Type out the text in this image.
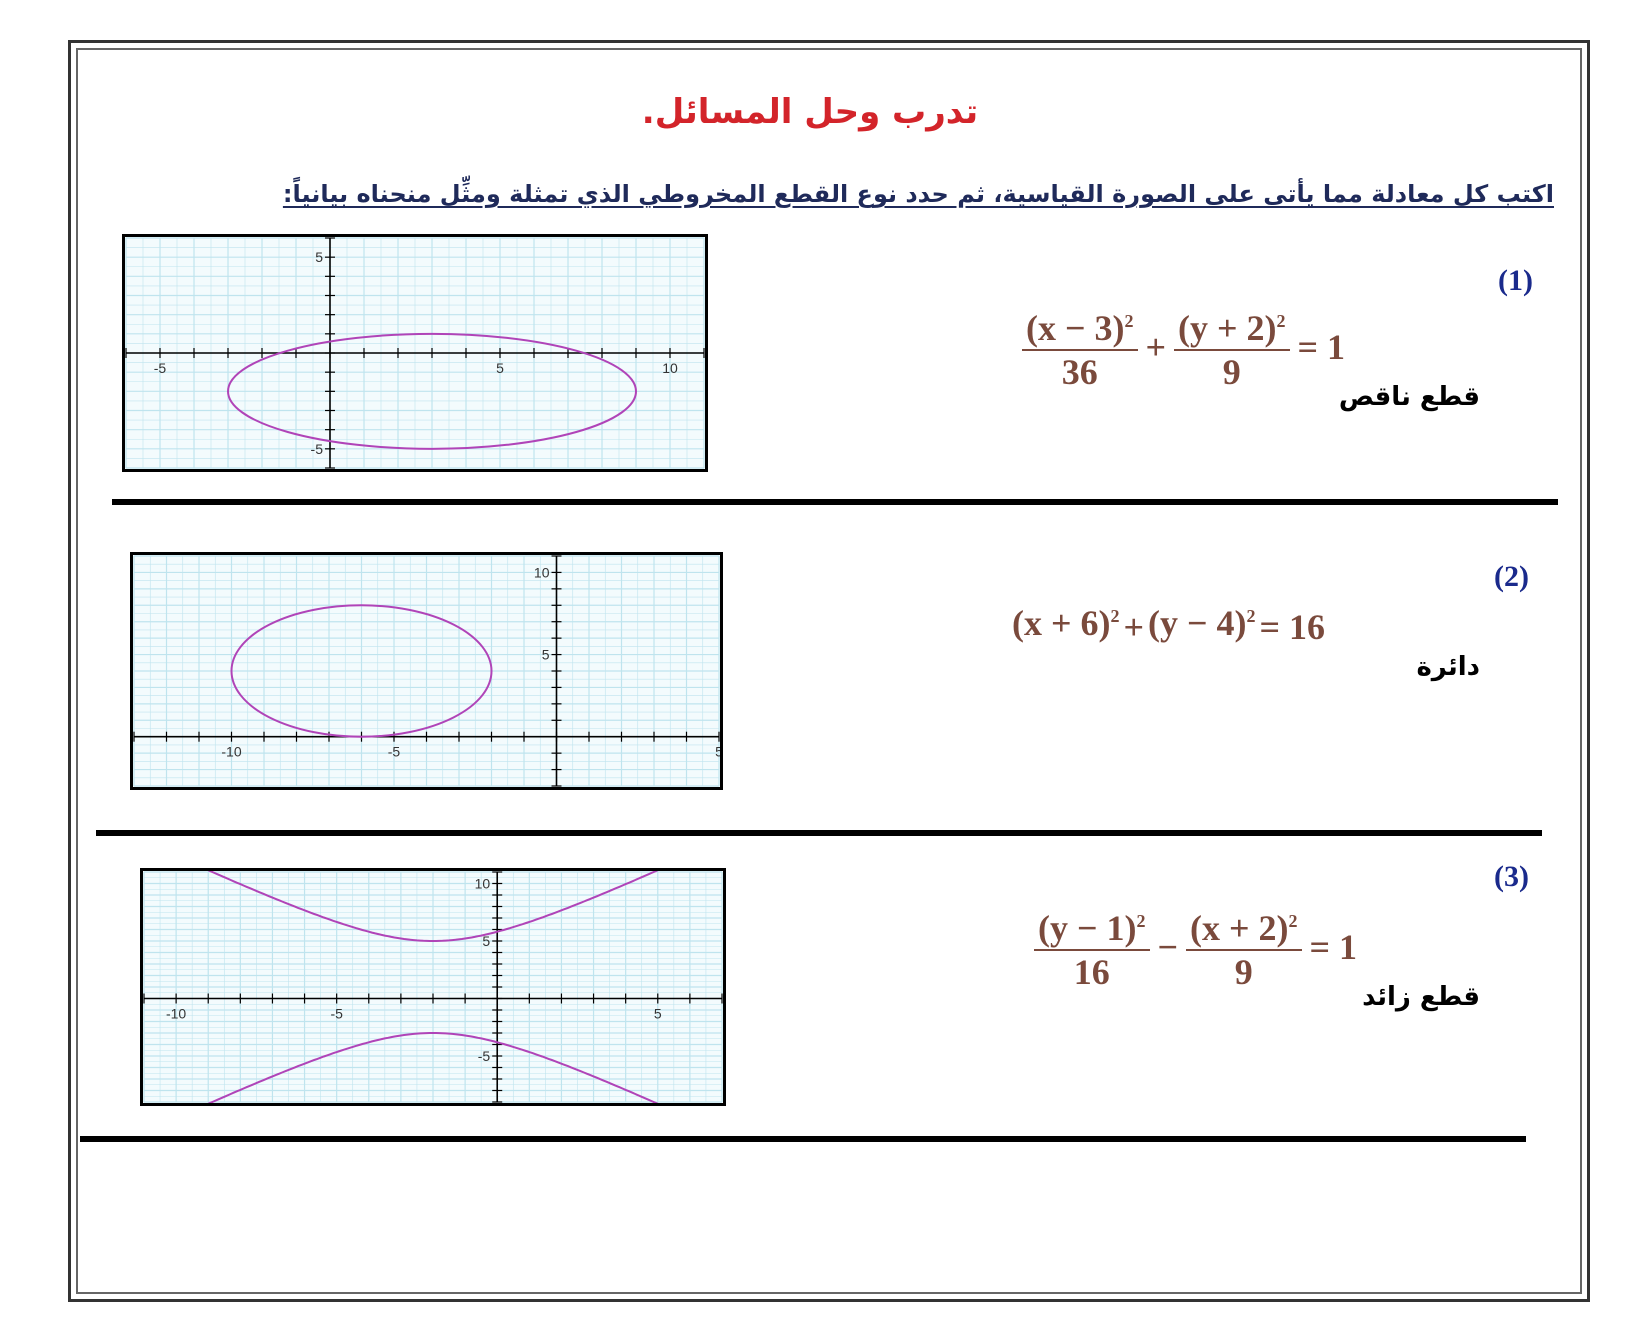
تدرب وحل المسائل.
اكتب كل معادلة مما يأتى على الصورة القياسية، ثم حدد نوع القطع المخروطي الذي تمثلة ومثِّل منحناه بيانياً:
(1)
$\frac{(x - 3)^2}{36} + \frac{(y + 2)^2}{9} = 1$
قطع ناقص
-5	5	10
5
-5
(2)
$(x + 6)^2 + (y - 4)^2 = 16$
دائرة
-10	-5	5
10
5
(3)
$\frac{(y - 1)^2}{16} - \frac{(x + 2)^2}{9} = 1$
قطع زائد
-10	-5	5
10
5
-5
